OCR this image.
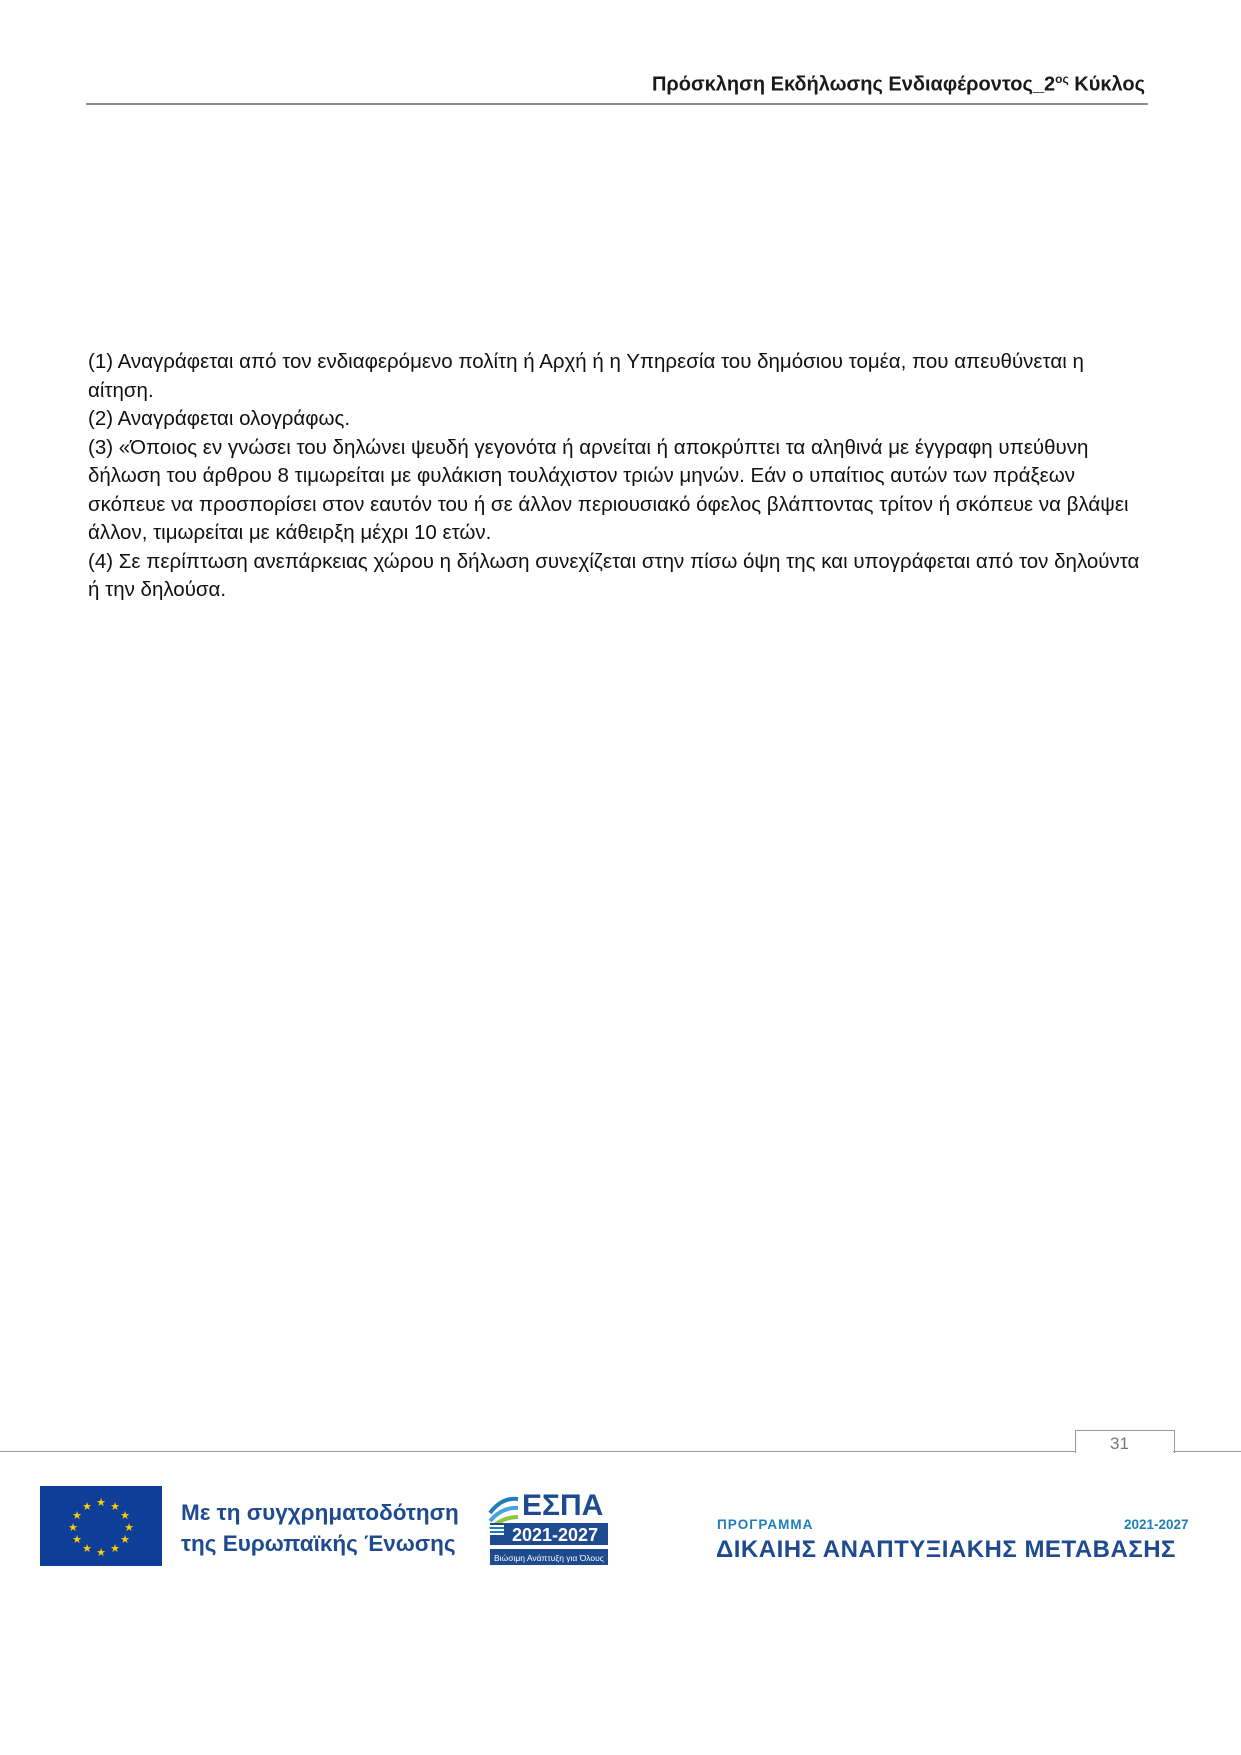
Πρόσκληση Εκδήλωσης $E\nu\delta\iota\alpha\varphi έ\rho o\nu\tau o\varsigma\_2^{o\varsigma}$ Κύκλος

(1) Αναγράφεται από τον ενδιαφερόμενο πολίτη ή Αρχή ή η Υπηρεσία του δημόσιου τομέα, που απευθύνεται η αίτηση.

(2) Αναγράφεται ολογράφως.

(3) «Όποιος εν γνώσει του δηλώνει ψευδή γεγονότα ή αρνείται ή αποκρύπτει τα αληθινά με έγγραφη υπεύθυνη δήλωση του άρθρου 8 τιμωρείται με φυλάκιση τουλάχιστον τριών μηνών. Εάν ο υπαίτιος αυτών των πράξεων σκόπευε να προσπορίσει στον εαυτόν του ή σε άλλον περιουσιακό όφελος βλάπτοντας τρίτον ή σκόπευε να βλάψει άλλον, τιμωρείται με κάθειρξη μέχρι 10 ετών.

(4) Σε περίπτωση ανεπάρκειας χώρου η δήλωση συνεχίζεται στην πίσω όψη της και υπογράφεται από τον δηλούντα ή την δηλούσα.

31
★ ★
★
★
★
★
★
★
★
★
★
★	Με τη συγχρηματοδότηση
της Ευρωπαϊκής Ένωσης
ΕΣΠΑ
2021-2027
Βιώσιμη Ανάπτυξη για Όλους
ΠΡΟΓΡΑΜΜΑ	2021-2027
ΔΙΚΑΙΗΣ ΑΝΑΠΤΥΞΙΑΚΗΣ ΜΕΤΑΒΑΣΗΣ
